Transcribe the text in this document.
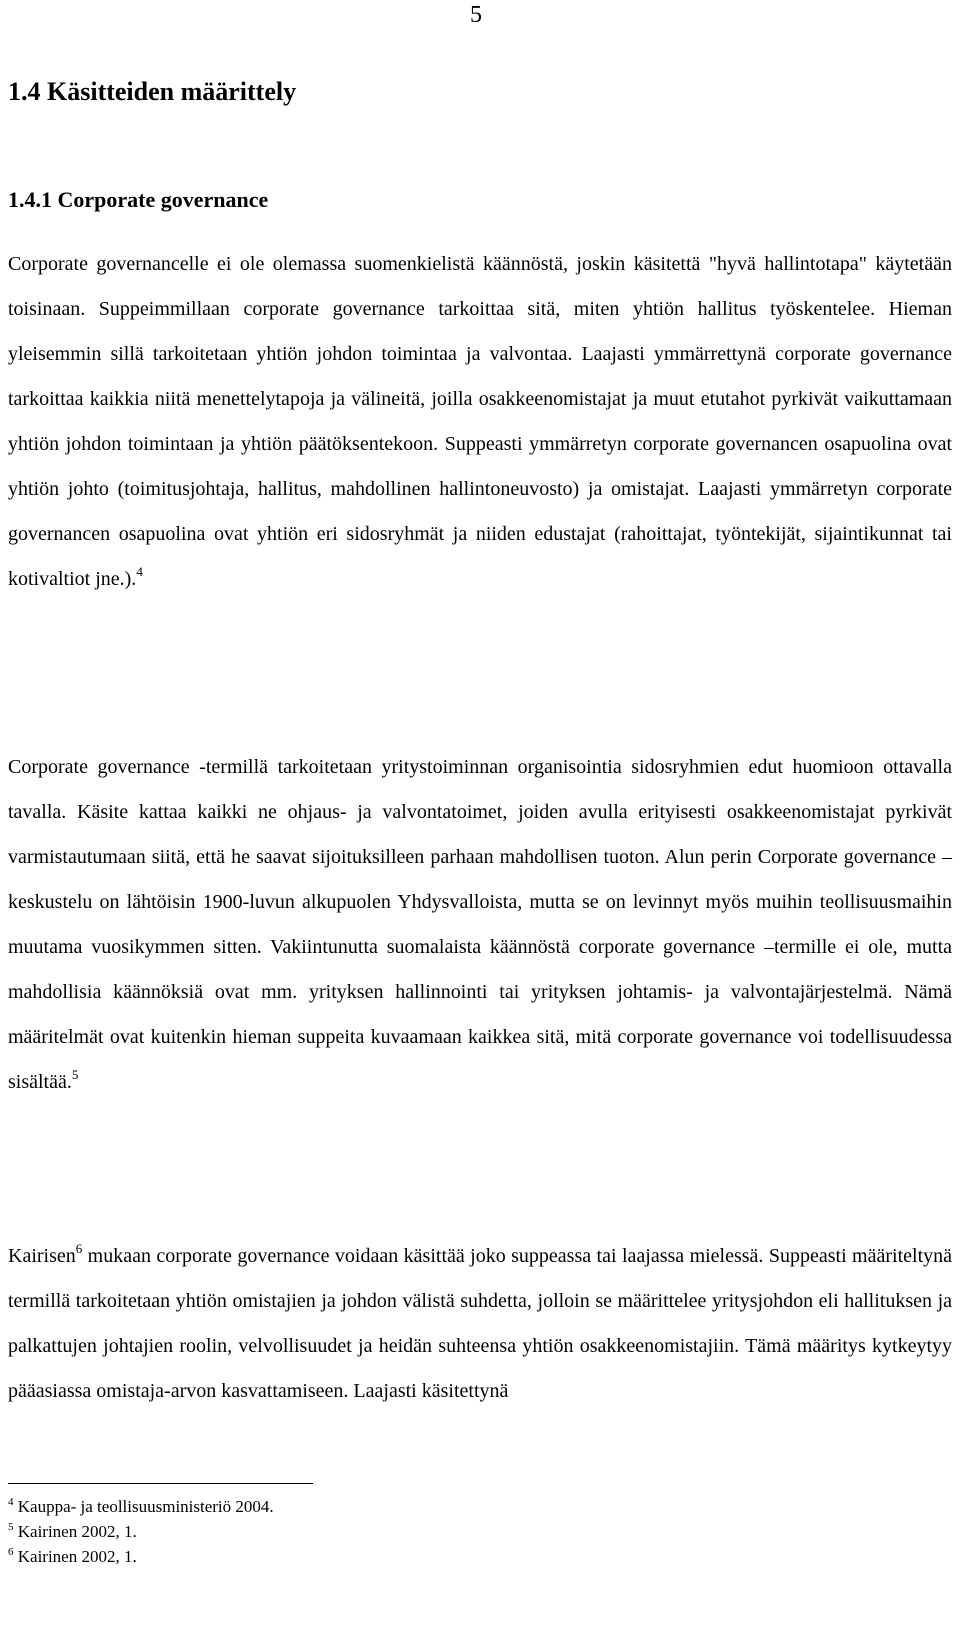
5
1.4 Käsitteiden määrittely
1.4.1 Corporate governance

Corporate governancelle ei ole olemassa suomenkielistä käännöstä, joskin käsitettä "hyvä hallintotapa" käytetään toisinaan. Suppeimmillaan corporate governance tarkoittaa sitä, miten yhtiön hallitus työskentelee. Hieman yleisemmin sillä tarkoitetaan yhtiön johdon toimintaa ja valvontaa. Laajasti ymmärrettynä corporate governance tarkoittaa kaikkia niitä menettelytapoja ja välineitä, joilla osakkeenomistajat ja muut etutahot pyrkivät vaikuttamaan yhtiön johdon toimintaan ja yhtiön päätöksentekoon. Suppeasti ymmärretyn corporate governancen osapuolina ovat yhtiön johto (toimitusjohtaja, hallitus, mahdollinen hallintoneuvosto) ja omistajat. Laajasti ymmärretyn corporate governancen osapuolina ovat yhtiön eri sidosryhmät ja niiden edustajat (rahoittajat, työntekijät, sijaintikunnat tai kotivaltiot jne.).$^4$

Corporate governance -termillä tarkoitetaan yritystoiminnan organisointia sidosryhmien edut huomioon ottavalla tavalla. Käsite kattaa kaikki ne ohjaus- ja valvontatoimet, joiden avulla erityisesti osakkeenomistajat pyrkivät varmistautumaan siitä, että he saavat sijoituksilleen parhaan mahdollisen tuoton. Alun perin Corporate governance – keskustelu on lähtöisin 1900-luvun alkupuolen Yhdysvalloista, mutta se on levinnyt myös muihin teollisuusmaihin muutama vuosikymmen sitten. Vakiintunutta suomalaista käännöstä corporate governance –termille ei ole, mutta mahdollisia käännöksiä ovat mm. yrityksen hallinnointi tai yrityksen johtamis- ja valvontajärjestelmä. Nämä määritelmät ovat kuitenkin hieman suppeita kuvaamaan kaikkea sitä, mitä corporate governance voi todellisuudessa sisältää.$^5$

Kairisen$^6$ mukaan corporate governance voidaan käsittää joko suppeassa tai laajassa mielessä. Suppeasti määriteltynä termillä tarkoitetaan yhtiön omistajien ja johdon välistä suhdetta, jolloin se määrittelee yritysjohdon eli hallituksen ja palkattujen johtajien roolin, velvollisuudet ja heidän suhteensa yhtiön osakkeenomistajiin. Tämä määritys kytkeytyy pääasiassa omistaja-arvon kasvattamiseen. Laajasti käsitettynä

$^4$ Kauppa- ja teollisuusministeriö 2004.
$^5$ Kairinen 2002, 1.
$^6$ Kairinen 2002, 1.
